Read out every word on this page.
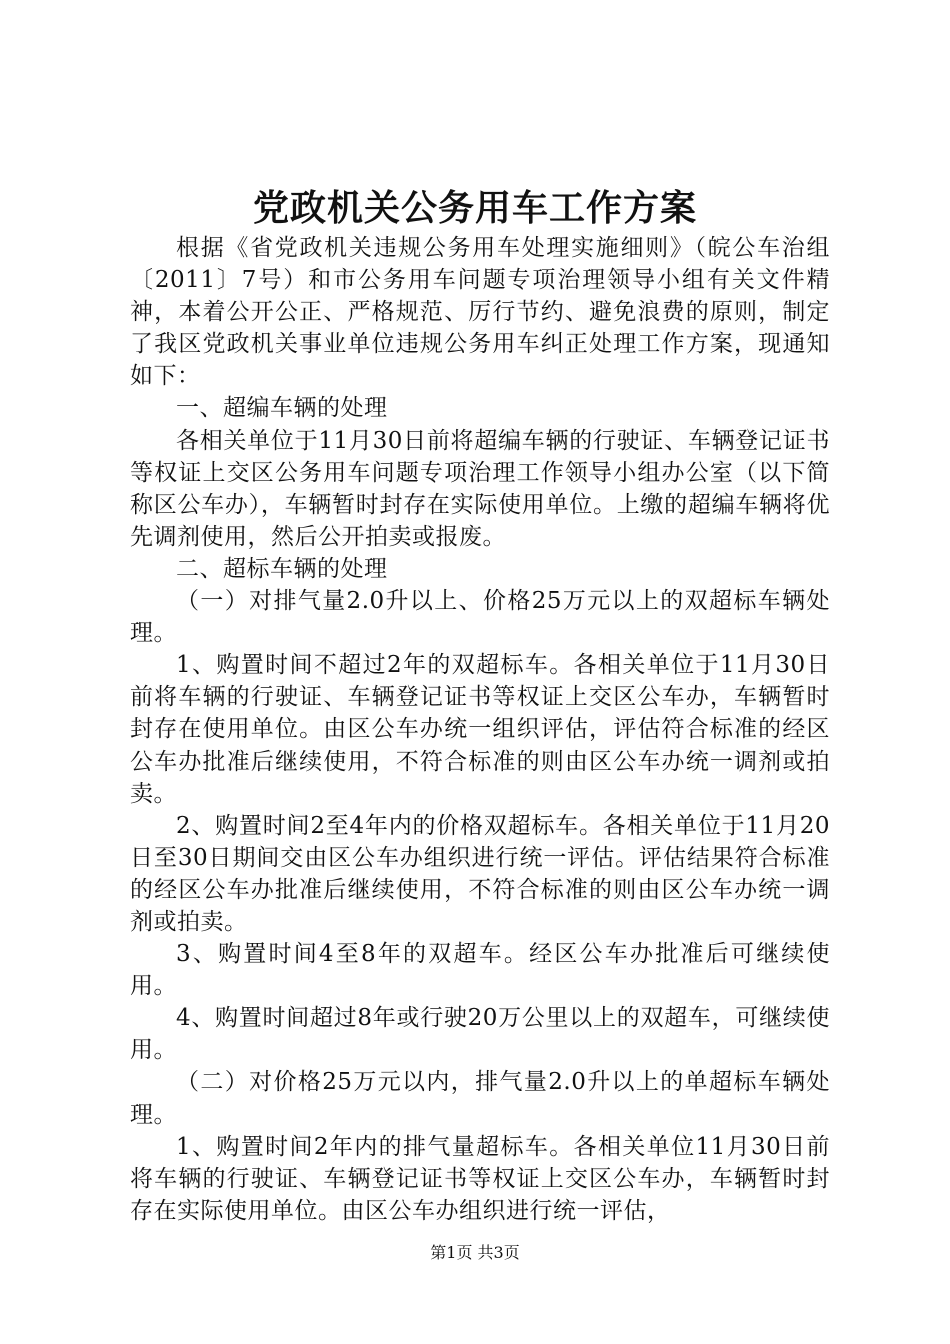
党政机关公务用车工作方案

根据《省党政机关违规公务用车处理实施细则》（皖公车治组〔2011〕7号）和市公务用车问题专项治理领导小组有关文件精神，本着公开公正、严格规范、厉行节约、避免浪费的原则，制定了我区党政机关事业单位违规公务用车纠正处理工作方案，现通知如下：

一、超编车辆的处理

各相关单位于11月30日前将超编车辆的行驶证、车辆登记证书等权证上交区公务用车问题专项治理工作领导小组办公室（以下简称区公车办），车辆暂时封存在实际使用单位。上缴的超编车辆将优先调剂使用，然后公开拍卖或报废。

二、超标车辆的处理

（一）对排气量2.0升以上、价格25万元以上的双超标车辆处理。

1、购置时间不超过2年的双超标车。各相关单位于11月30日前将车辆的行驶证、车辆登记证书等权证上交区公车办，车辆暂时封存在使用单位。由区公车办统一组织评估，评估符合标准的经区公车办批准后继续使用，不符合标准的则由区公车办统一调剂或拍卖。

2、购置时间2至4年内的价格双超标车。各相关单位于11月20日至30日期间交由区公车办组织进行统一评估。评估结果符合标准的经区公车办批准后继续使用，不符合标准的则由区公车办统一调剂或拍卖。

3、购置时间4至8年的双超车。经区公车办批准后可继续使用。

4、购置时间超过8年或行驶20万公里以上的双超车，可继续使用。

（二）对价格25万元以内，排气量2.0升以上的单超标车辆处理。

1、购置时间2年内的排气量超标车。各相关单位11月30日前将车辆的行驶证、车辆登记证书等权证上交区公车办，车辆暂时封存在实际使用单位。由区公车办组织进行统一评估，

第1页 共3页
